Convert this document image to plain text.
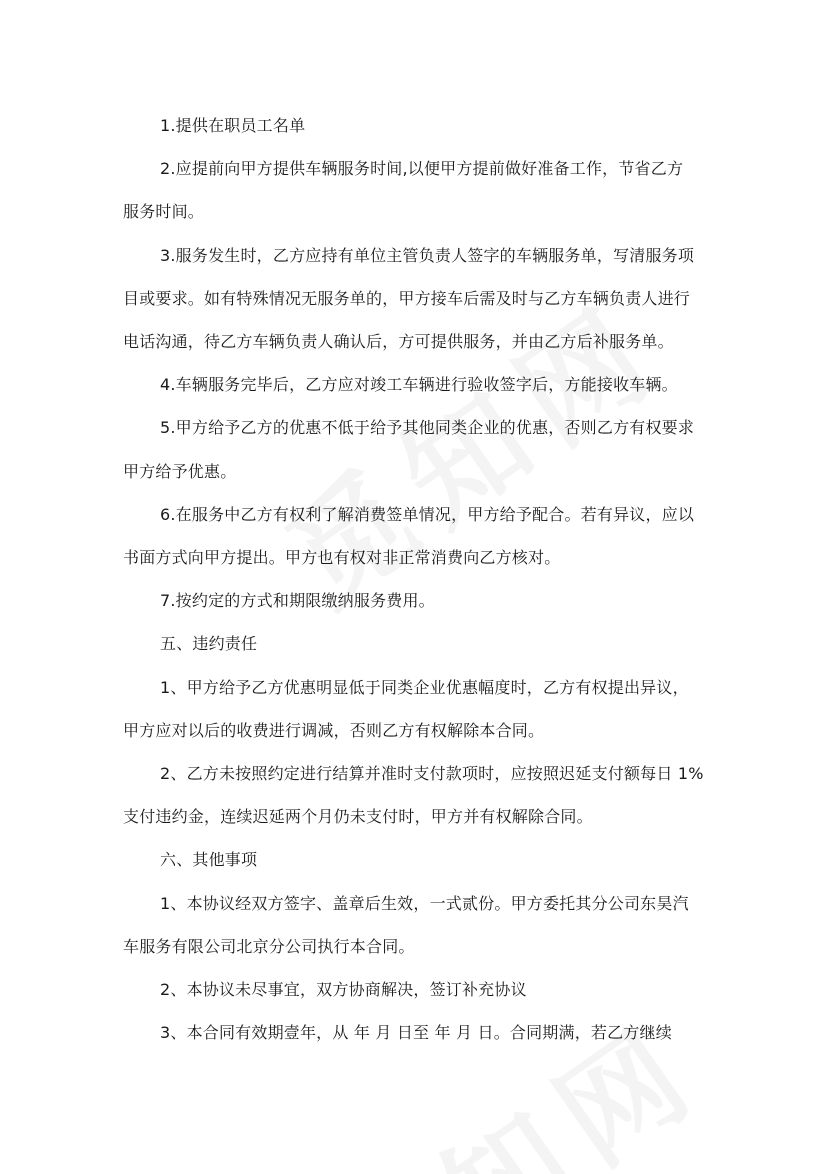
1.提供在职员工名单
2.应提前向甲方提供车辆服务时间,以便甲方提前做好准备工作，节省乙方
服务时间。
3.服务发生时，乙方应持有单位主管负责人签字的车辆服务单，写清服务项
目或要求。如有特殊情况无服务单的，甲方接车后需及时与乙方车辆负责人进行
电话沟通，待乙方车辆负责人确认后，方可提供服务，并由乙方后补服务单。
4.车辆服务完毕后，乙方应对竣工车辆进行验收签字后，方能接收车辆。
5.甲方给予乙方的优惠不低于给予其他同类企业的优惠，否则乙方有权要求
甲方给予优惠。
6.在服务中乙方有权利了解消费签单情况，甲方给予配合。若有异议，应以
书面方式向甲方提出。甲方也有权对非正常消费向乙方核对。
7.按约定的方式和期限缴纳服务费用。
五、违约责任
1、甲方给予乙方优惠明显低于同类企业优惠幅度时，乙方有权提出异议，
甲方应对以后的收费进行调减，否则乙方有权解除本合同。
2、乙方未按照约定进行结算并准时支付款项时，应按照迟延支付额每日 1%
支付违约金，连续迟延两个月仍未支付时，甲方并有权解除合同。
六、其他事项
1、本协议经双方签字、盖章后生效，一式贰份。甲方委托其分公司东昊汽
车服务有限公司北京分公司执行本合同。
2、本协议未尽事宜，双方协商解决，签订补充协议
3、本合同有效期壹年，从 年 月 日至 年 月 日。合同期满，若乙方继续
